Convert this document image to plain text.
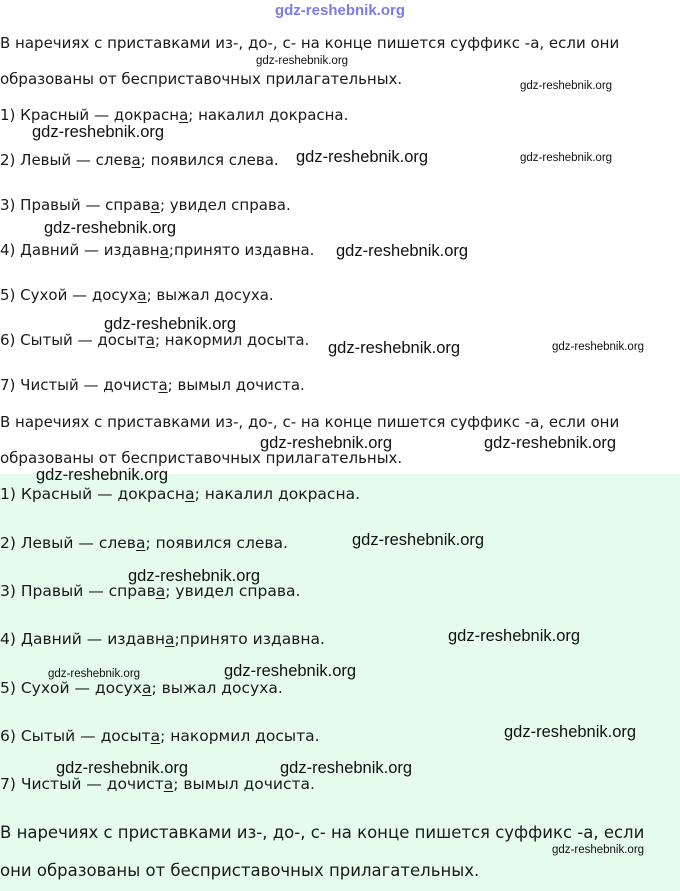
gdz-reshebnik.org
В наречиях с приставками из-, до-, с- на конце пишется суффикс -а, если они
образованы от бесприставочных прилагательных.
1) Красный — докрасна; накалил докрасна.
2) Левый — слева; появился слева.
3) Правый — справа; увидел справа.
4) Давний — издавна;принято издавна.
5) Сухой — досуха; выжал досуха.
6) Сытый — досыта; накормил досыта.
7) Чистый — дочиста; вымыл дочиста.
В наречиях с приставками из-, до-, с- на конце пишется суффикс -а, если они
образованы от бесприставочных прилагательных.
1) Красный — докрасна; накалил докрасна.
2) Левый — слева; появился слева.
3) Правый — справа; увидел справа.
4) Давний — издавна;принято издавна.
5) Сухой — досуха; выжал досуха.
6) Сытый — досыта; накормил досыта.
7) Чистый — дочиста; вымыл дочиста.
В наречиях с приставками из-, до-, с- на конце пишется суффикс -а, если
они образованы от бесприставочных прилагательных.
gdz-reshebnik.org
gdz-reshebnik.org
gdz-reshebnik.org
gdz-reshebnik.org	gdz-reshebnik.org
gdz-reshebnik.org
gdz-reshebnik.org
gdz-reshebnik.org
gdz-reshebnik.org	gdz-reshebnik.org
gdz-reshebnik.org	gdz-reshebnik.org
gdz-reshebnik.org
gdz-reshebnik.org
gdz-reshebnik.org
gdz-reshebnik.org
gdz-reshebnik.org	gdz-reshebnik.org
gdz-reshebnik.org
gdz-reshebnik.org	gdz-reshebnik.org
gdz-reshebnik.org
